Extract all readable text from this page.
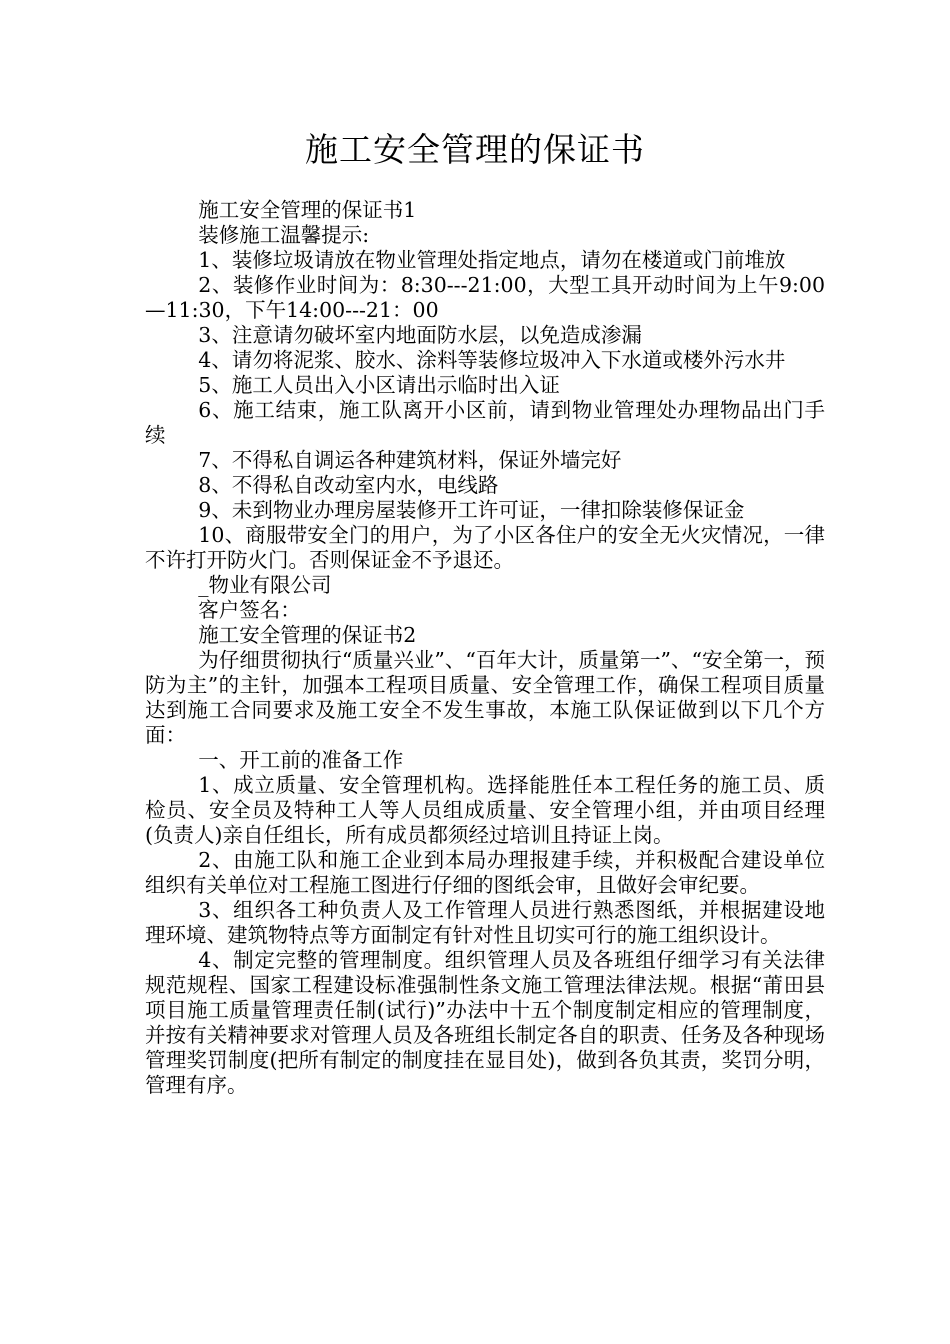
施工安全管理的保证书

施工安全管理的保证书1

装修施工温馨提示:

1、装修垃圾请放在物业管理处指定地点，请勿在楼道或门前堆放

2、装修作业时间为：8:30---21:00，大型工具开动时间为上午9:00—11:30，下午14:00---21：00

3、注意请勿破坏室内地面防水层，以免造成渗漏

4、请勿将泥浆、胶水、涂料等装修垃圾冲入下水道或楼外污水井

5、施工人员出入小区请出示临时出入证

6、施工结束，施工队离开小区前，请到物业管理处办理物品出门手续

7、不得私自调运各种建筑材料，保证外墙完好

8、不得私自改动室内水，电线路

9、未到物业办理房屋装修开工许可证，一律扣除装修保证金

10、商服带安全门的用户，为了小区各住户的安全无火灾情况，一律不许打开防火门。否则保证金不予退还。

_物业有限公司

客户签名：

施工安全管理的保证书2

为仔细贯彻执行“质量兴业”、“百年大计，质量第一”、“安全第一，预防为主”的主针，加强本工程项目质量、安全管理工作，确保工程项目质量达到施工合同要求及施工安全不发生事故，本施工队保证做到以下几个方面：

一、开工前的准备工作

1、成立质量、安全管理机构。选择能胜任本工程任务的施工员、质检员、安全员及特种工人等人员组成质量、安全管理小组，并由项目经理(负责人)亲自任组长，所有成员都须经过培训且持证上岗。

2、由施工队和施工企业到本局办理报建手续，并积极配合建设单位组织有关单位对工程施工图进行仔细的图纸会审，且做好会审纪要。

3、组织各工种负责人及工作管理人员进行熟悉图纸，并根据建设地理环境、建筑物特点等方面制定有针对性且切实可行的施工组织设计。

4、制定完整的管理制度。组织管理人员及各班组仔细学习有关法律规范规程、国家工程建设标准强制性条文施工管理法律法规。根据“莆田县项目施工质量管理责任制(试行)”办法中十五个制度制定相应的管理制度，并按有关精神要求对管理人员及各班组长制定各自的职责、任务及各种现场管理奖罚制度(把所有制定的制度挂在显目处)，做到各负其责，奖罚分明，管理有序。
